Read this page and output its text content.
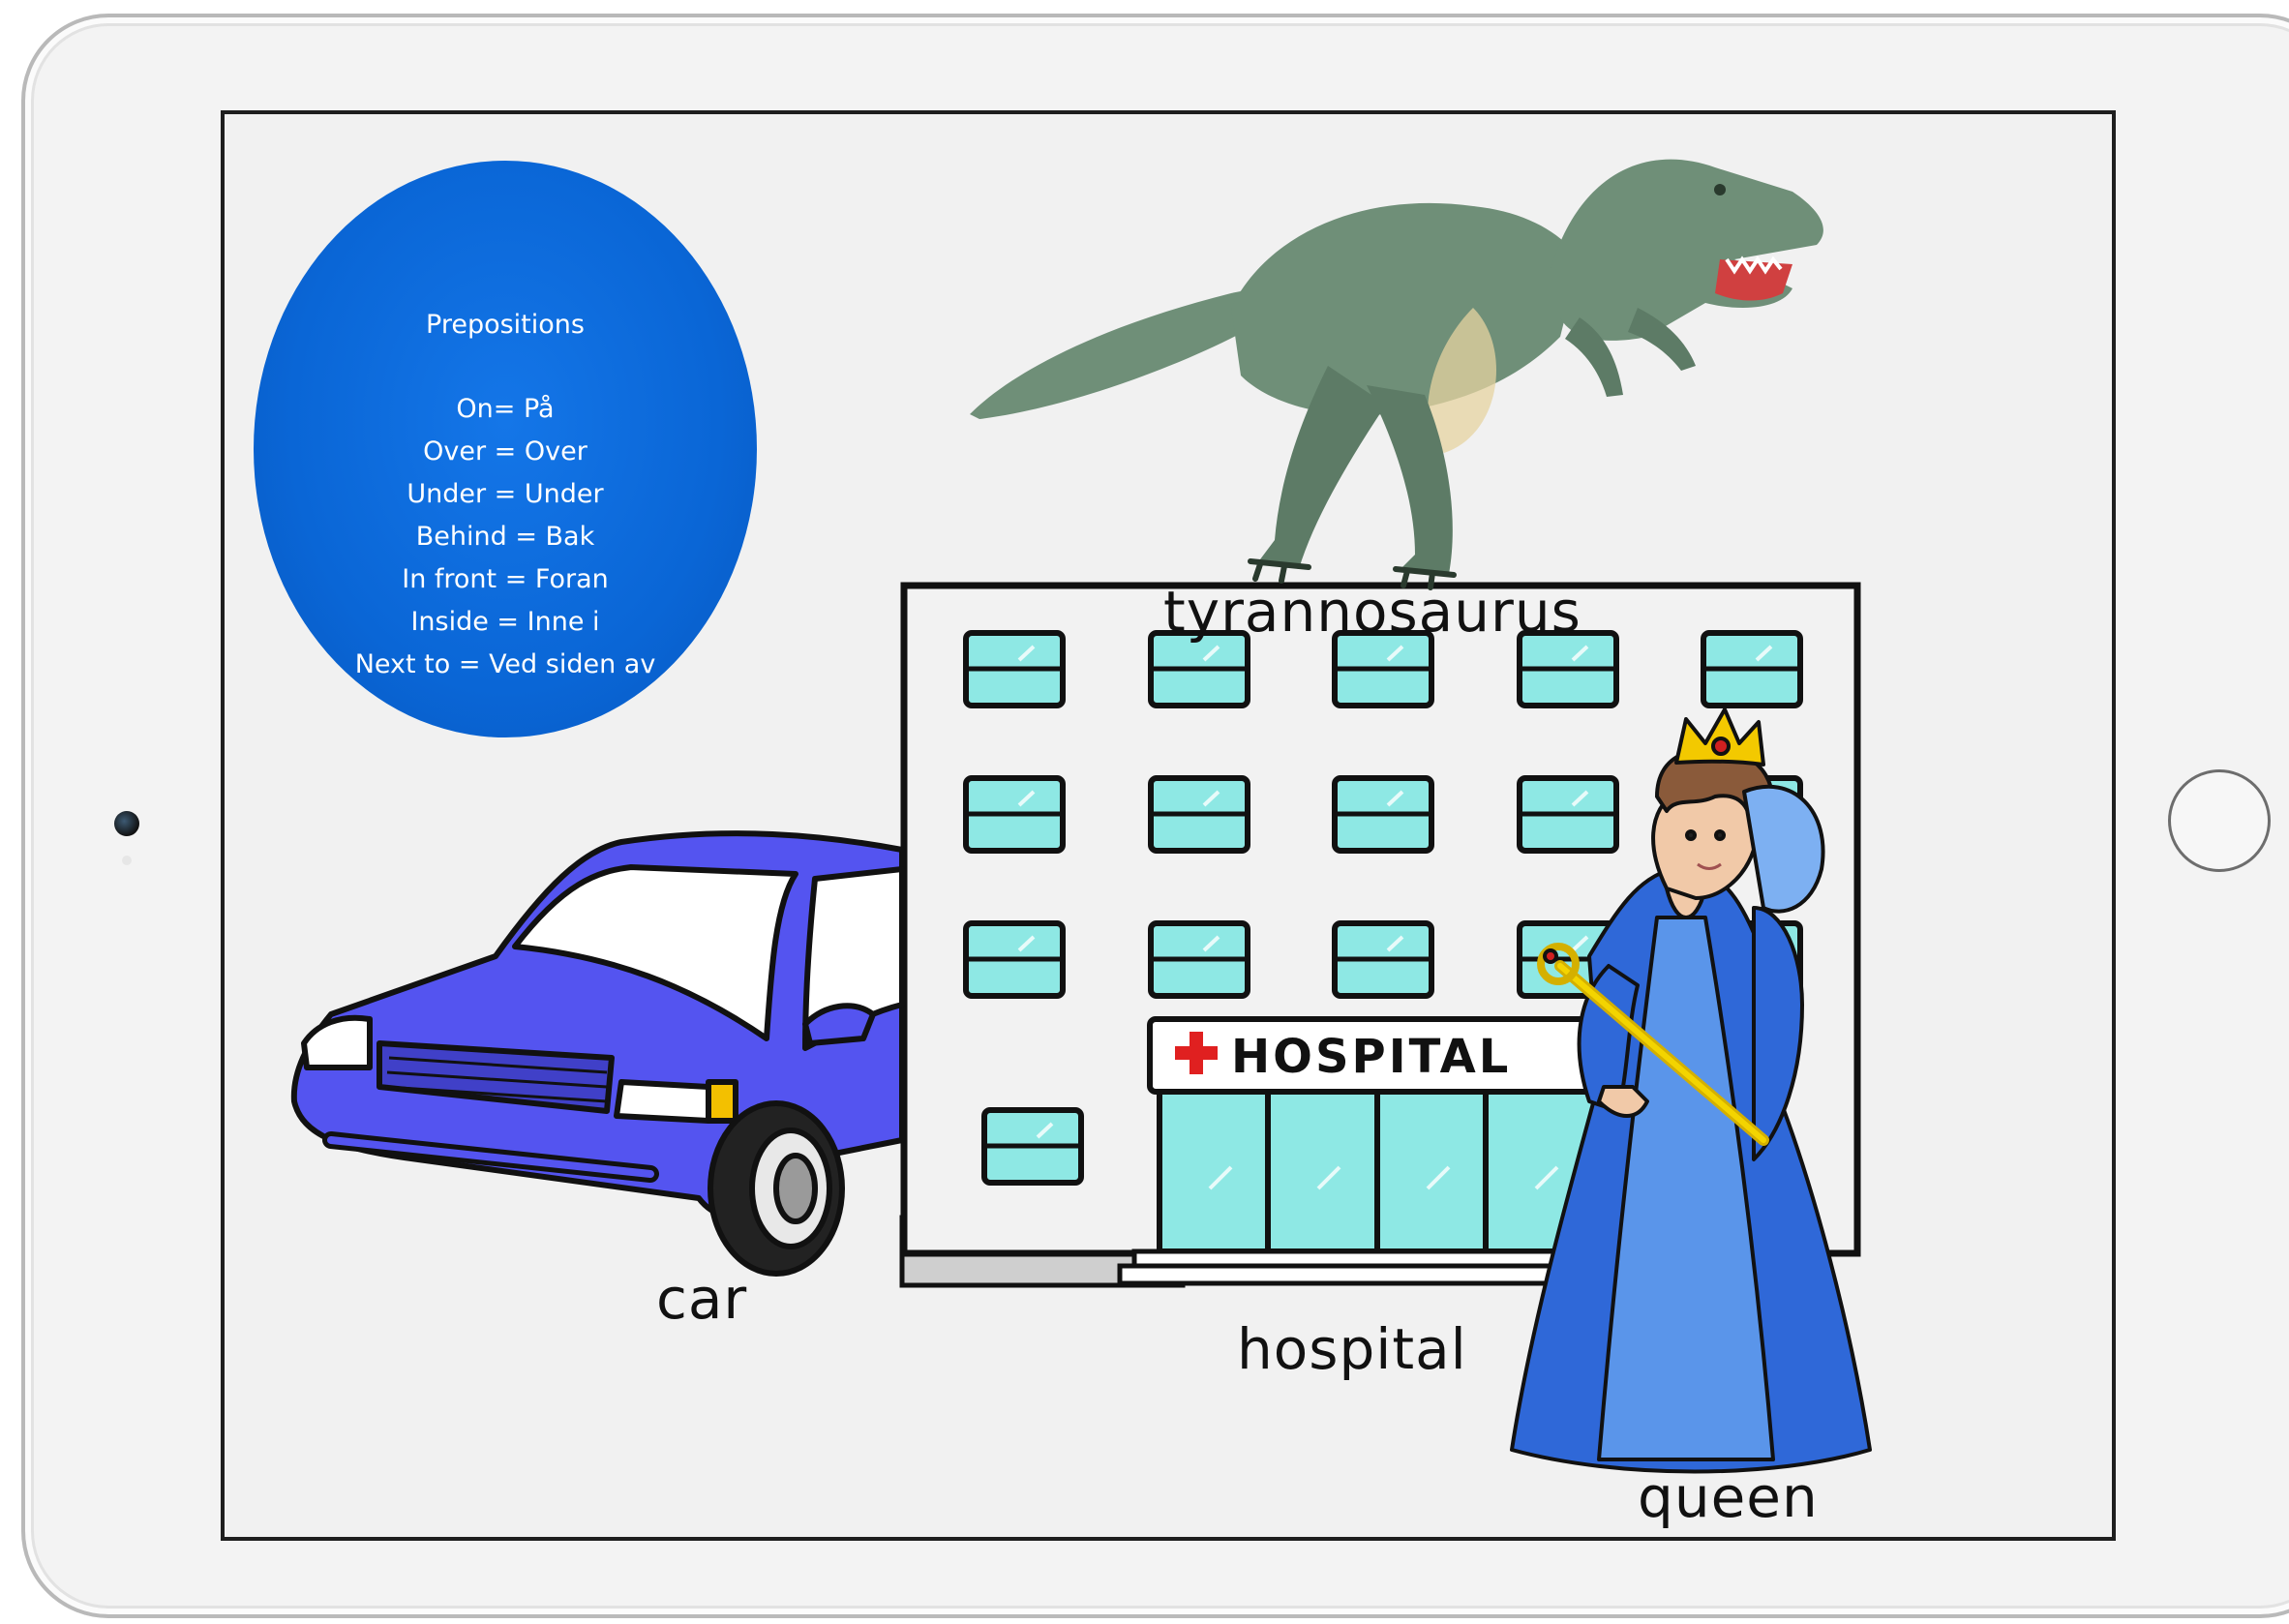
HOSPITAL
Prepositions
On= På
Over = Over
Under = Under
Behind = Bak
In front = Foran
Inside = Inne i
Next to = Ved siden av
tyrannosaurus
car
hospital
queen
